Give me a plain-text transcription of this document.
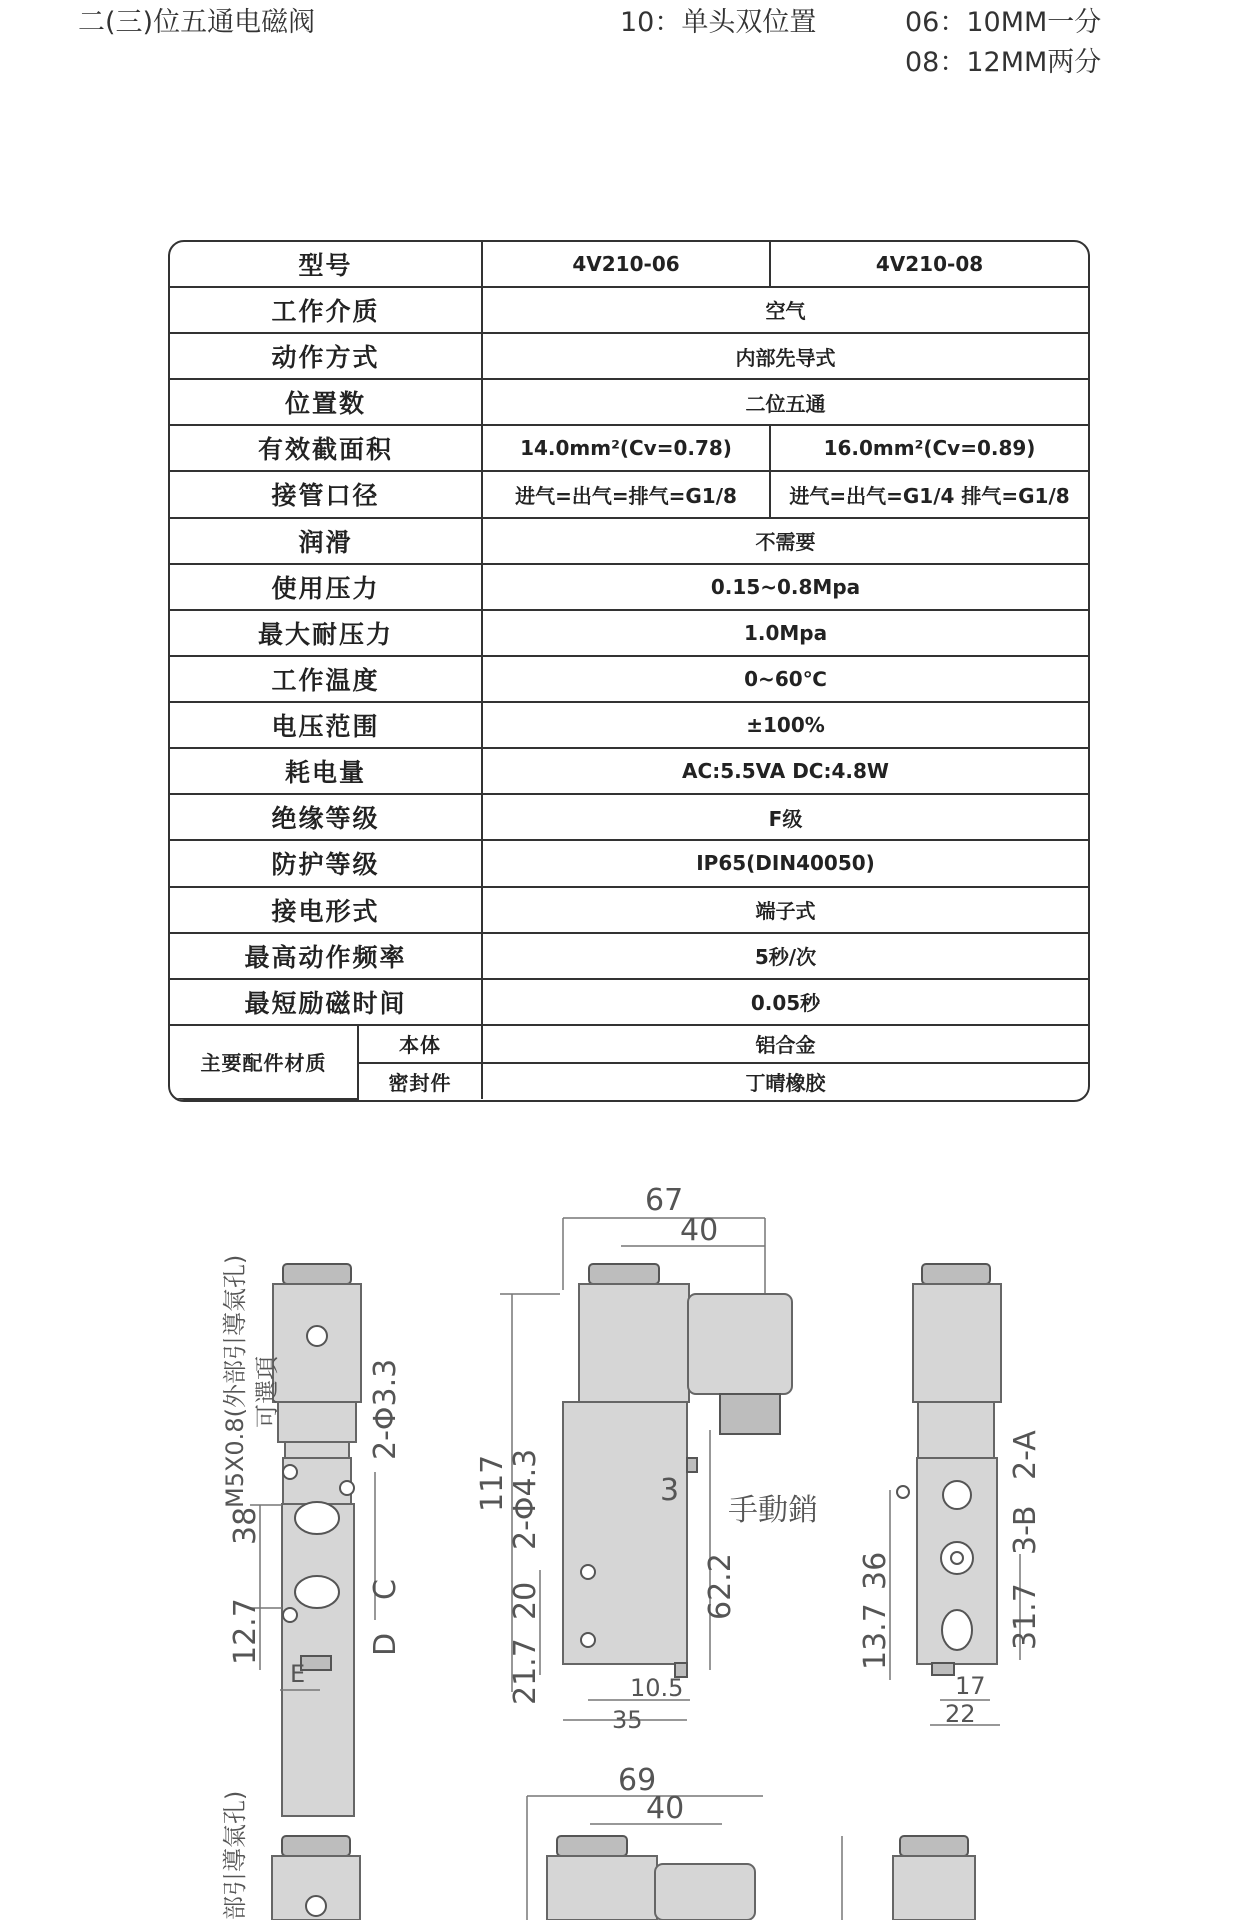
二(三)位五通电磁阀	10：单头双位置	06：10MM一分
08：12MM两分
型号		4V210-06	4V210-08
工作介质		空气	
动作方式		内部先导式	
位置数		二位五通	
有效截面积		14.0mm²(Cv=0.78)	16.0mm²(Cv=0.89)
接管口径		进气=出气=排气=G1/8	进气=出气=G1/4 排气=G1/8
润滑		不需要	
使用压力		0.15~0.8Mpa	
最大耐压力		1.0Mpa	
工作温度		0~60℃	
电压范围		±100%	
耗电量		AC:5.5VA DC:4.8W	
绝缘等级		F级	
防护等级		IP65(DIN40050)	
接电形式		端子式	
最高动作频率		5秒/次	
最短励磁时间		0.05秒	
主要配件材质	本体	铝合金	
	密封件	丁晴橡胶	
38
12.7
M5X0.8(外部引導氣孔) 可選項	2-Φ3.3
C
D
E
67
40
117
2-Φ4.3
20
21.7
62.2
3
手動銷
10.5
35
36
13.7	31.7
2-A
3-B
17
22
部引導氣孔)
69
40
